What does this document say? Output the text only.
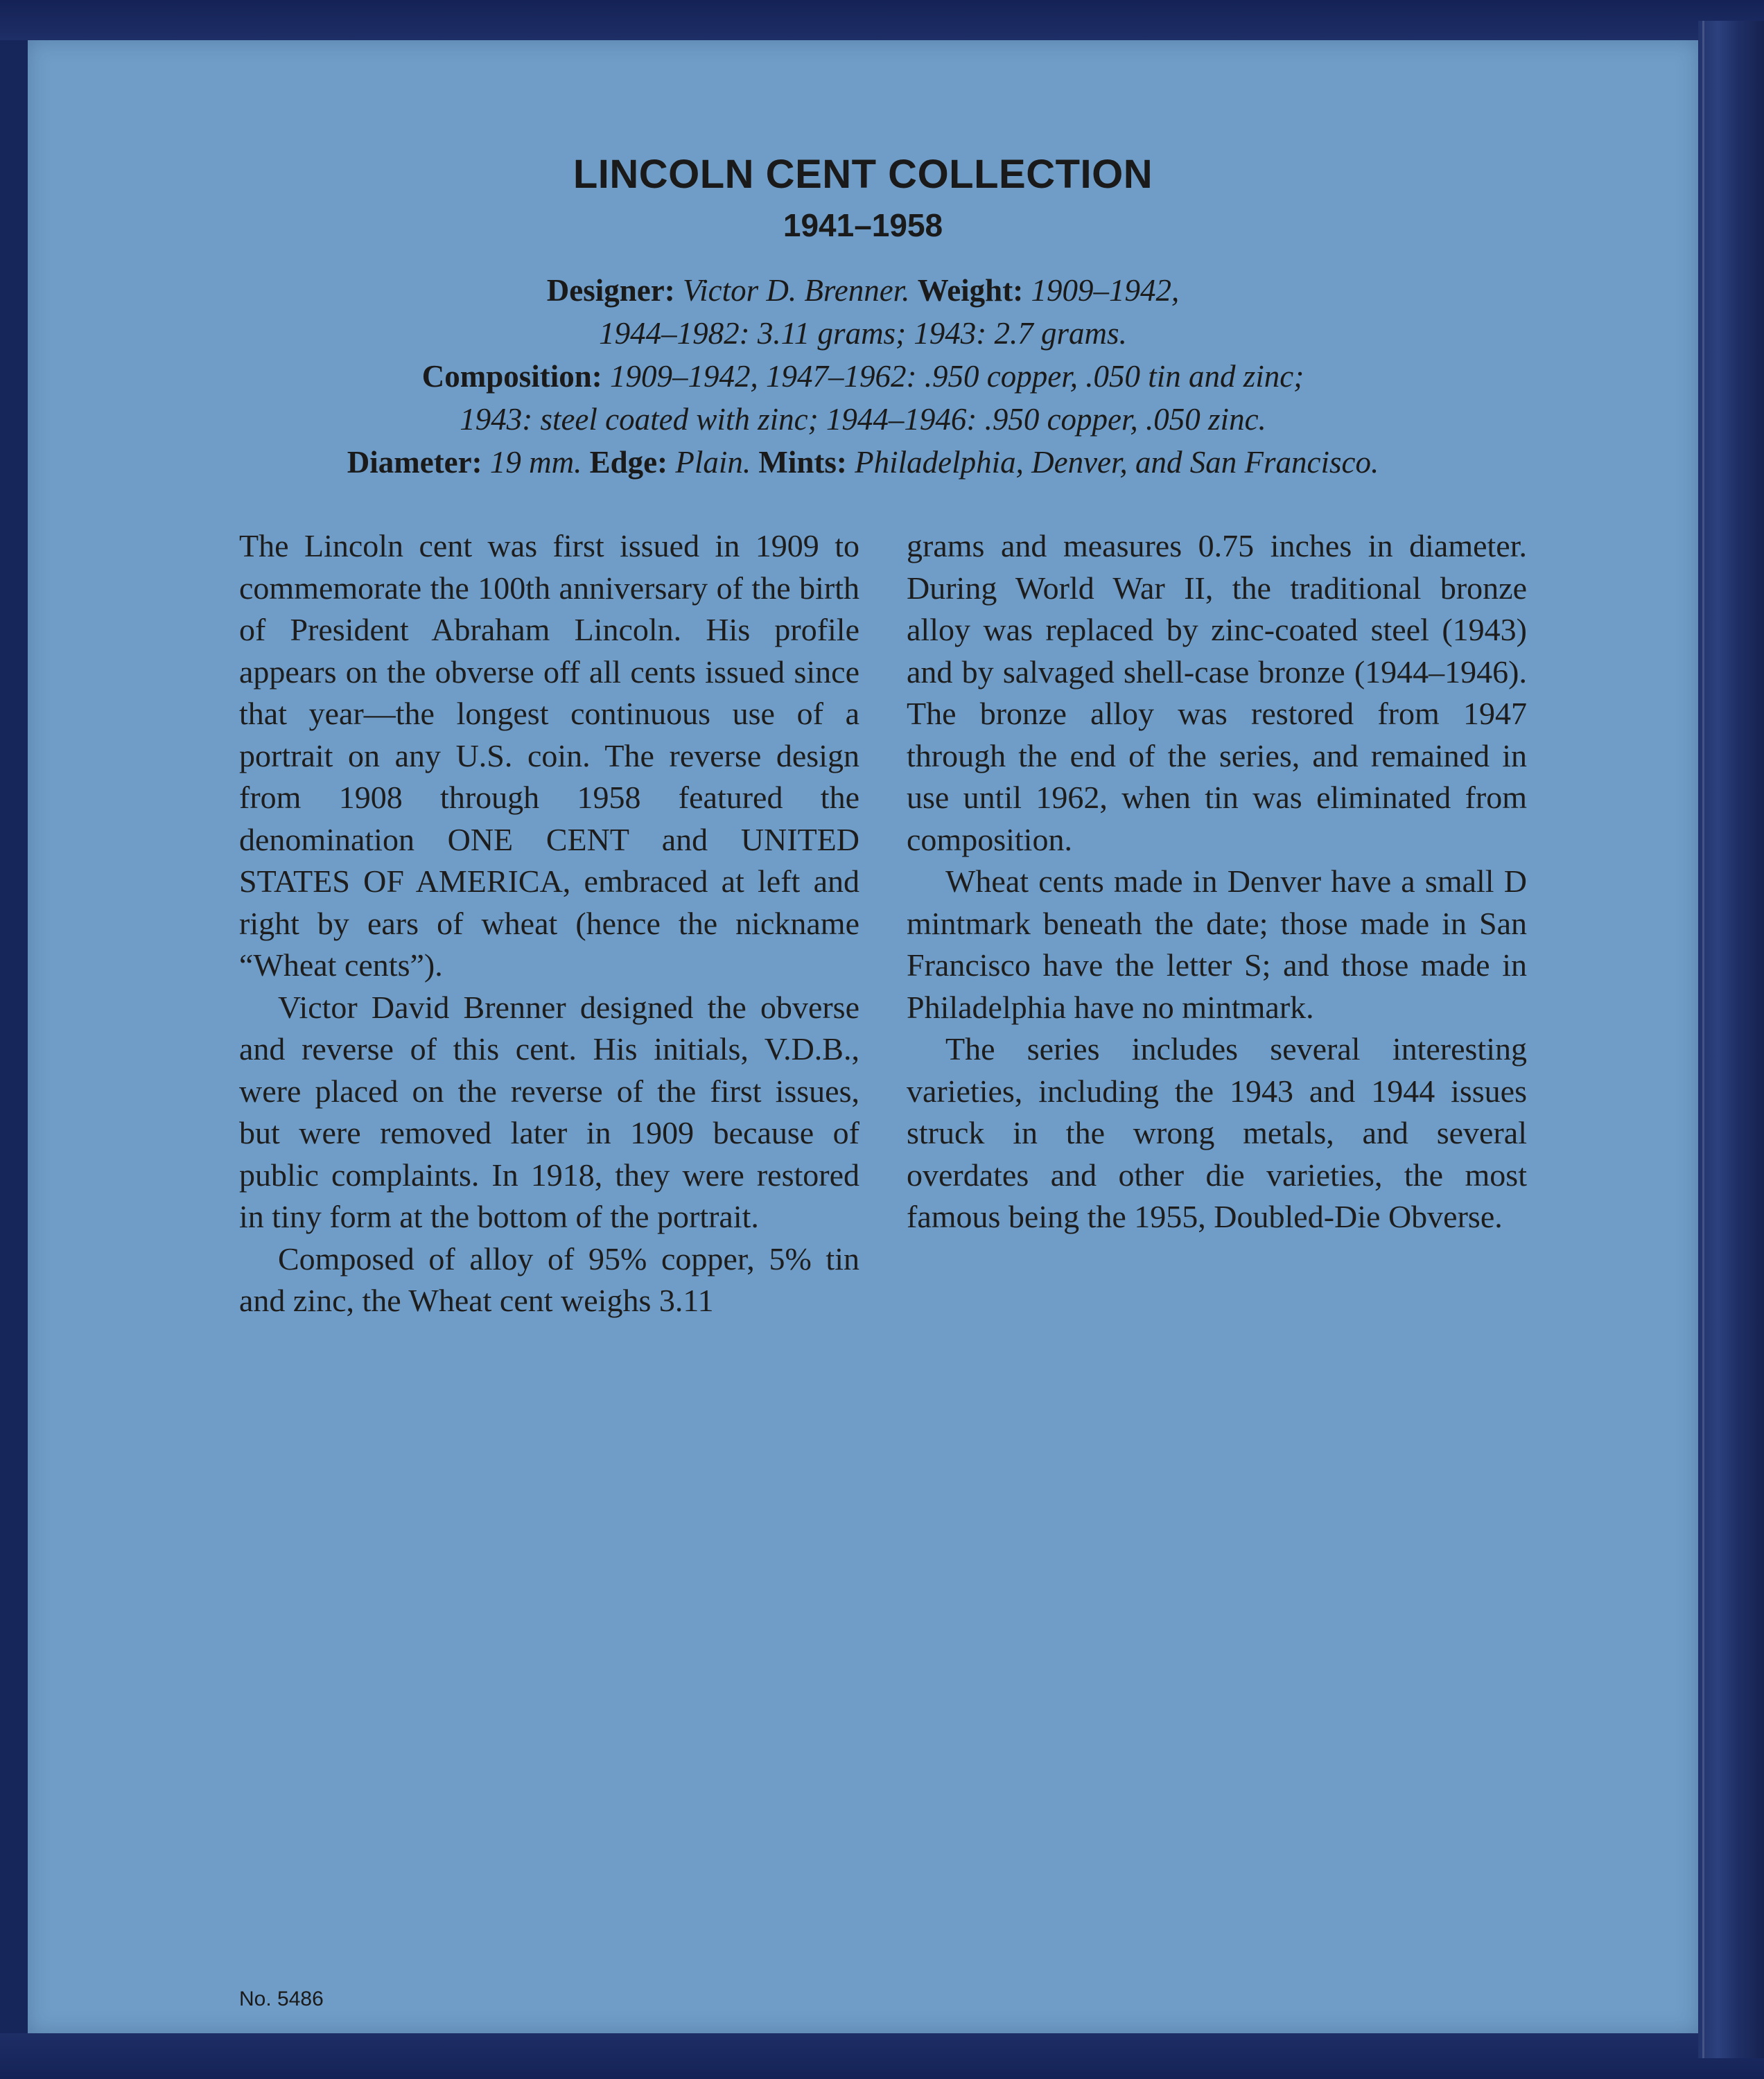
LINCOLN CENT COLLECTION
1941–1958
Designer: Victor D. Brenner. Weight: 1909–1942,
1944–1982: 3.11 grams; 1943: 2.7 grams.
Composition: 1909–1942, 1947–1962: .950 copper, .050 tin and zinc;
1943: steel coated with zinc; 1944–1946: .950 copper, .050 zinc.
Diameter: 19 mm. Edge: Plain. Mints: Philadelphia, Denver, and San Francisco.

The Lincoln cent was first issued in 1909 to commemorate the 100th anniversary of the birth of President Abraham Lincoln. His profile appears on the obverse off all cents issued since that year—the longest continuous use of a portrait on any U.S. coin. The reverse design from 1908 through 1958 featured the denomination ONE CENT and UNITED STATES OF AMERICA, embraced at left and right by ears of wheat (hence the nickname “Wheat cents”).

Victor David Brenner designed the obverse and reverse of this cent. His initials, V.D.B., were placed on the reverse of the first issues, but were removed later in 1909 because of public complaints. In 1918, they were restored in tiny form at the bottom of the portrait.

Composed of alloy of 95% copper, 5% tin and zinc, the Wheat cent weighs 3.11

grams and measures 0.75 inches in diameter. During World War II, the traditional bronze alloy was replaced by zinc-coated steel (1943) and by salvaged shell-case bronze (1944–1946). The bronze alloy was restored from 1947 through the end of the series, and remained in use until 1962, when tin was eliminated from composition.

Wheat cents made in Denver have a small D mintmark beneath the date; those made in San Francisco have the letter S; and those made in Philadelphia have no mintmark.

The series includes several interesting varieties, including the 1943 and 1944 issues struck in the wrong metals, and several overdates and other die varieties, the most famous being the 1955, Doubled-Die Obverse.

No. 5486
